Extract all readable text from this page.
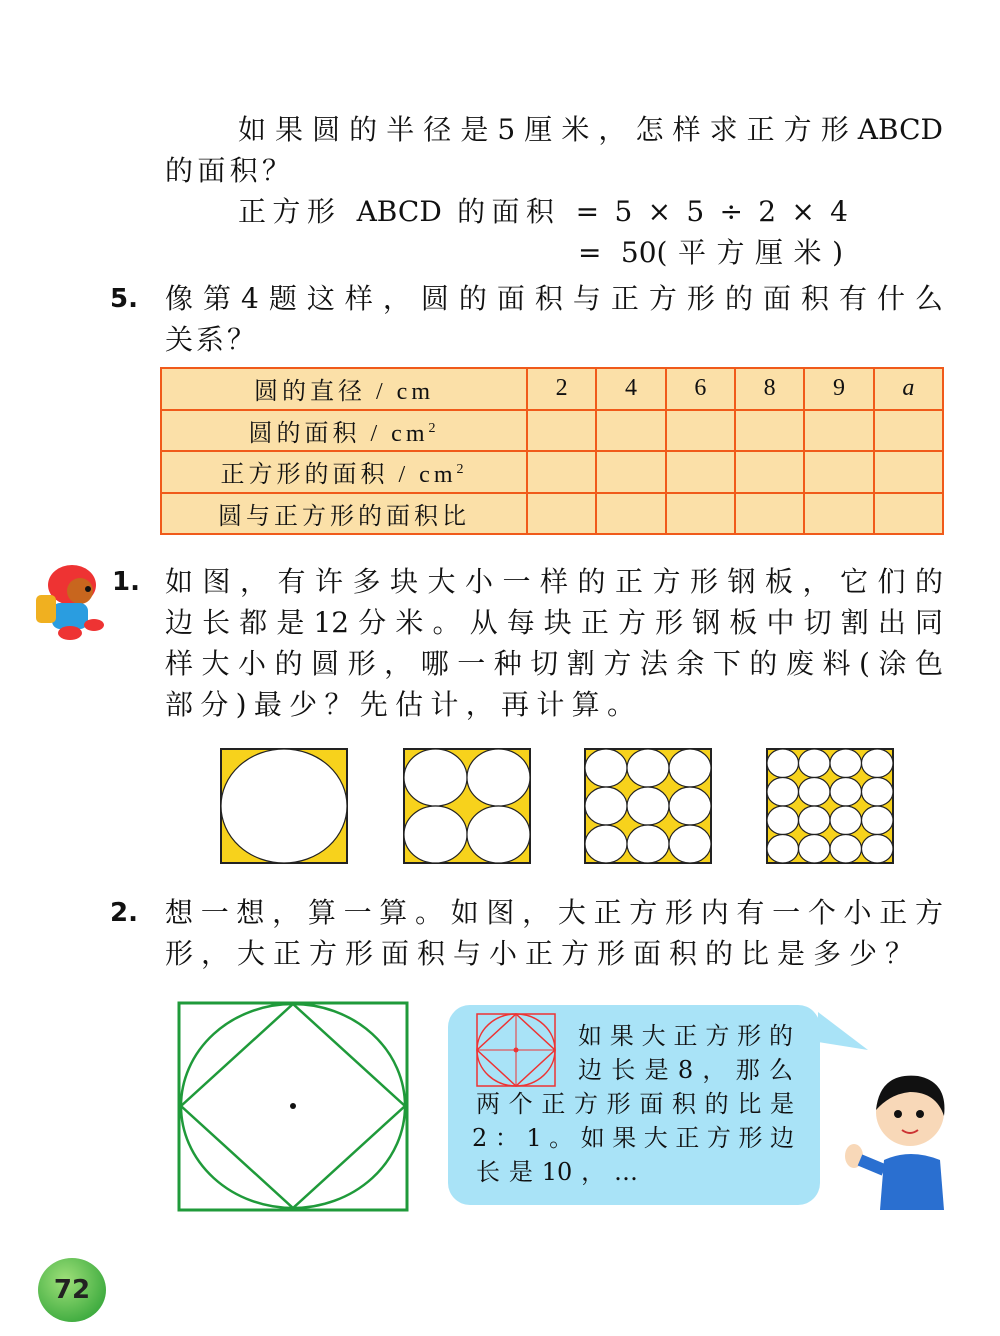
如果圆的半径是5厘米，怎样求正方形ABCD
的面积？
正方形 ABCD 的面积 = 5 × 5 ÷ 2 × 4
= 50(平方厘米)
5. 像第4题这样，圆的面积与正方形的面积有什么
关系？
圆的直径 / cm	2	4	6	8	9	a
圆的面积 / $cm^2$						
正方形的面积 / $cm^2$						
圆与正方形的面积比						
1. 如图，有许多块大小一样的正方形钢板，它们的
边长都是12分米。从每块正方形钢板中切割出同
样大小的圆形，哪一种切割方法余下的废料(涂色
部分)最少？先估计，再计算。
2. 想一想，算一算。如图，大正方形内有一个小正方
形，大正方形面积与小正方形面积的比是多少？
如果大正方形的
边长是8，那么
两个正方形面积的比是
2：1。如果大正方形边
长是10，…
72
